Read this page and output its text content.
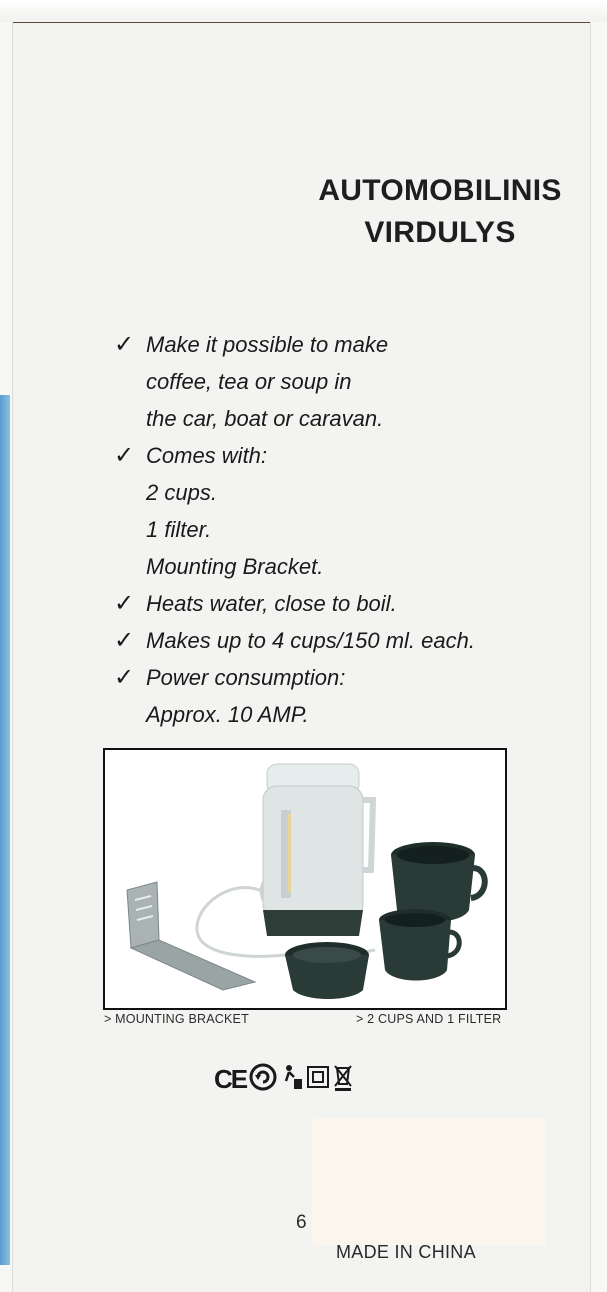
AUTOMOBILINIS
VIRDULYS
✓ Make it possible to make
coffee, tea or soup in
the car, boat or caravan.
✓ Comes with:
2 cups.
1 filter.
Mounting Bracket.
✓ Heats water, close to boil.
✓ Makes up to 4 cups/150 ml. each.
✓ Power consumption:
Approx. 10 AMP.
> MOUNTING BRACKET	> 2 CUPS AND 1 FILTER
CE
6
MADE IN CHINA
